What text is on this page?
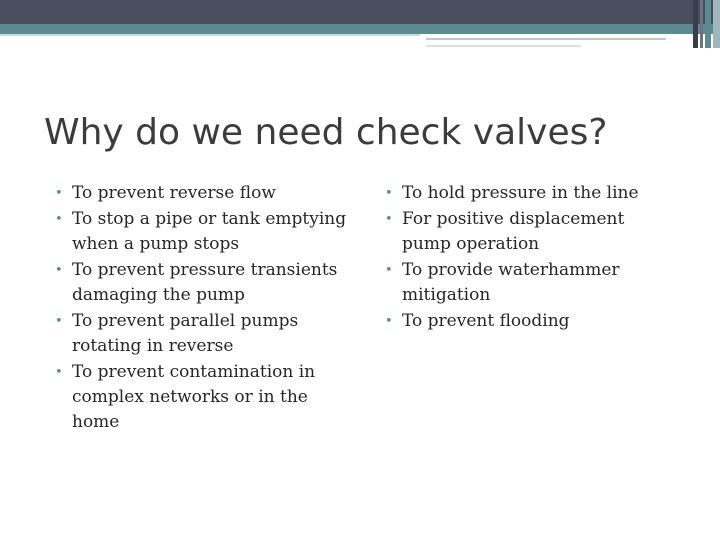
Why do we need check valves?
• To prevent reverse flow
• To stop a pipe or tank emptying when a pump stops
• To prevent pressure transients damaging the pump
• To prevent parallel pumps rotating in reverse
• To prevent contamination in complex networks or in the home
• To hold pressure in the line
• For positive displacement pump operation
• To provide waterhammer mitigation
• To prevent flooding
